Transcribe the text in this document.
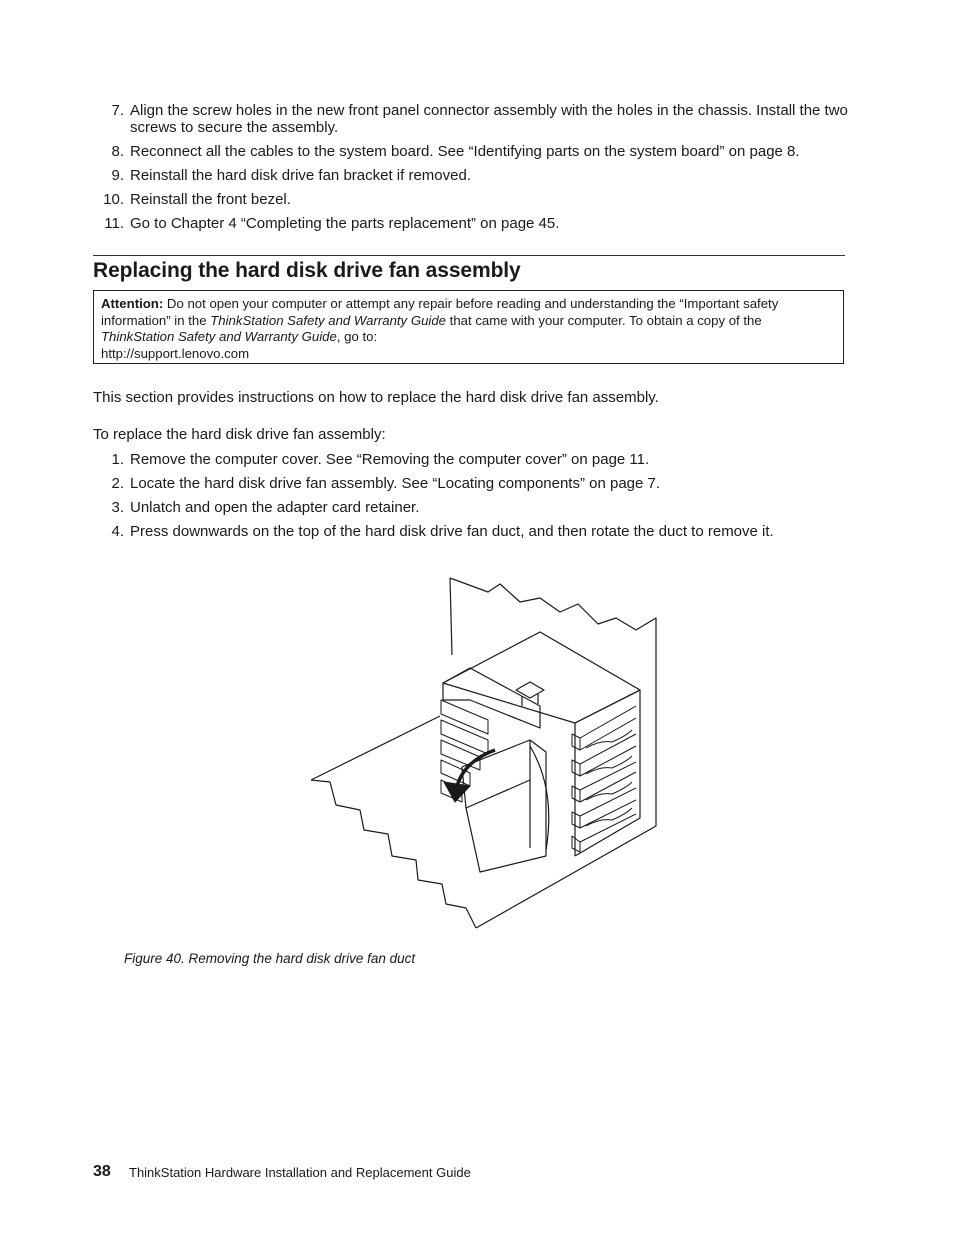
7. Align the screw holes in the new front panel connector assembly with the holes in the chassis. Install the two screws to secure the assembly.
8. Reconnect all the cables to the system board. See “Identifying parts on the system board” on page 8.
9. Reinstall the hard disk drive fan bracket if removed.
10. Reinstall the front bezel.
11. Go to Chapter 4 “Completing the parts replacement” on page 45.
Replacing the hard disk drive fan assembly
Attention: Do not open your computer or attempt any repair before reading and understanding the “Important safety information” in the ThinkStation Safety and Warranty Guide that came with your computer. To obtain a copy of the ThinkStation Safety and Warranty Guide, go to:
http://support.lenovo.com

This section provides instructions on how to replace the hard disk drive fan assembly.

To replace the hard disk drive fan assembly:

1. Remove the computer cover. See “Removing the computer cover” on page 11.
2. Locate the hard disk drive fan assembly. See “Locating components” on page 7.
3. Unlatch and open the adapter card retainer.
4. Press downwards on the top of the hard disk drive fan duct, and then rotate the duct to remove it.
Figure 40. Removing the hard disk drive fan duct
38 ThinkStation Hardware Installation and Replacement Guide
